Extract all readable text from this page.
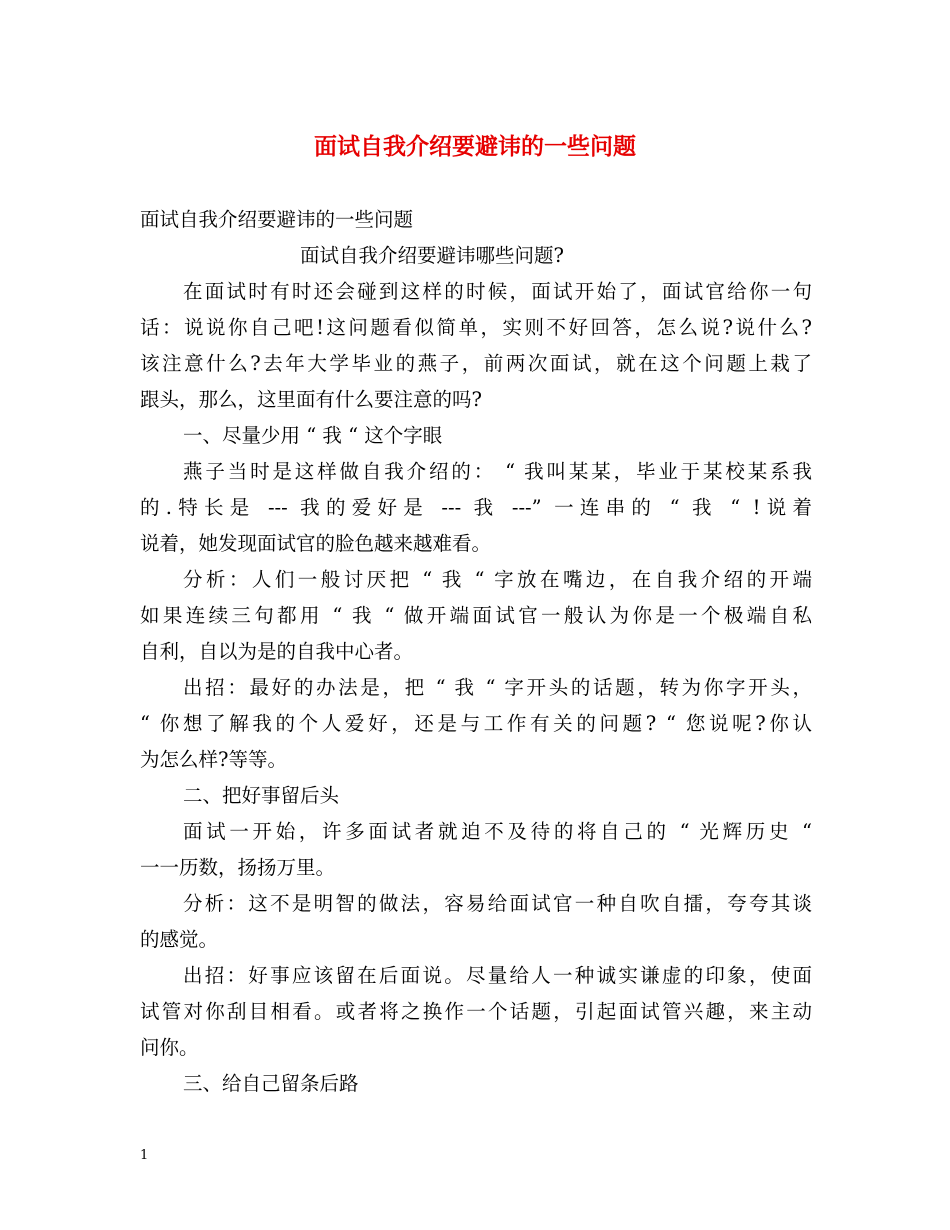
面试自我介绍要避讳的一些问题

面试自我介绍要避讳的一些问题

面试自我介绍要避讳哪些问题?

在面试时有时还会碰到这样的时候，面试开始了，面试官给你一句

话：说说你自己吧!这问题看似简单，实则不好回答，怎么说?说什么?

该注意什么?去年大学毕业的燕子，前两次面试，就在这个问题上栽了

跟头，那么，这里面有什么要注意的吗?

一、尽量少用 “ 我 “ 这个字眼

燕子当时是这样做自我介绍的： “ 我叫某某，毕业于某校某系我

的.特长是 --- 我的爱好是 --- 我 ---” 一连串的 “ 我 “ !说着

说着，她发现面试官的脸色越来越难看。

分析：人们一般讨厌把 “ 我 “ 字放在嘴边，在自我介绍的开端

如果连续三句都用 “ 我 “ 做开端面试官一般认为你是一个极端自私

自利，自以为是的自我中心者。

出招：最好的办法是，把 “ 我 “ 字开头的话题，转为你字开头，

“ 你想了解我的个人爱好，还是与工作有关的问题? “ 您说呢?你认

为怎么样?等等。

二、把好事留后头

面试一开始，许多面试者就迫不及待的将自己的 “ 光辉历史 “

一一历数，扬扬万里。

分析：这不是明智的做法，容易给面试官一种自吹自擂，夸夸其谈

的感觉。

出招：好事应该留在后面说。尽量给人一种诚实谦虚的印象，使面

试管对你刮目相看。或者将之换作一个话题，引起面试管兴趣，来主动

问你。

三、给自己留条后路

1
